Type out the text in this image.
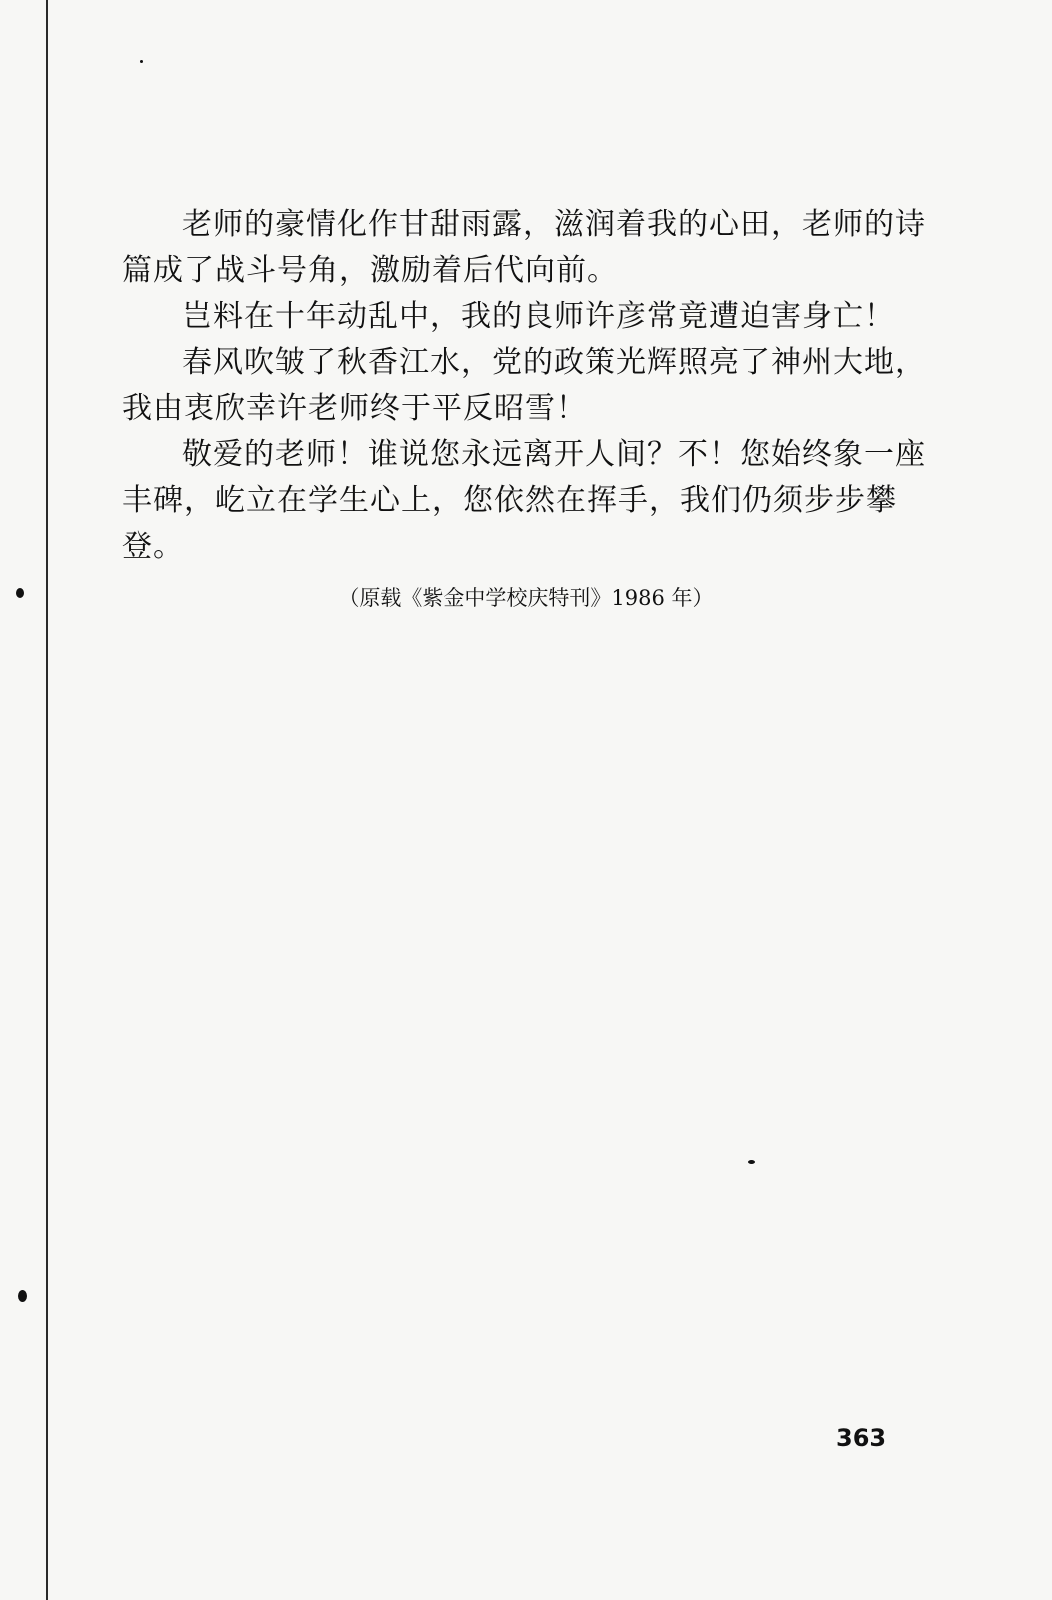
老师的豪情化作甘甜雨露，滋润着我的心田，老师的诗篇成了战斗号角，激励着后代向前。

岂料在十年动乱中，我的良师许彦常竟遭迫害身亡！

春风吹皱了秋香江水，党的政策光辉照亮了神州大地，我由衷欣幸许老师终于平反昭雪！

敬爱的老师！谁说您永远离开人间？不！您始终象一座丰碑，屹立在学生心上，您依然在挥手，我们仍须步步攀登。

（原载《紫金中学校庆特刊》1986 年）
363
